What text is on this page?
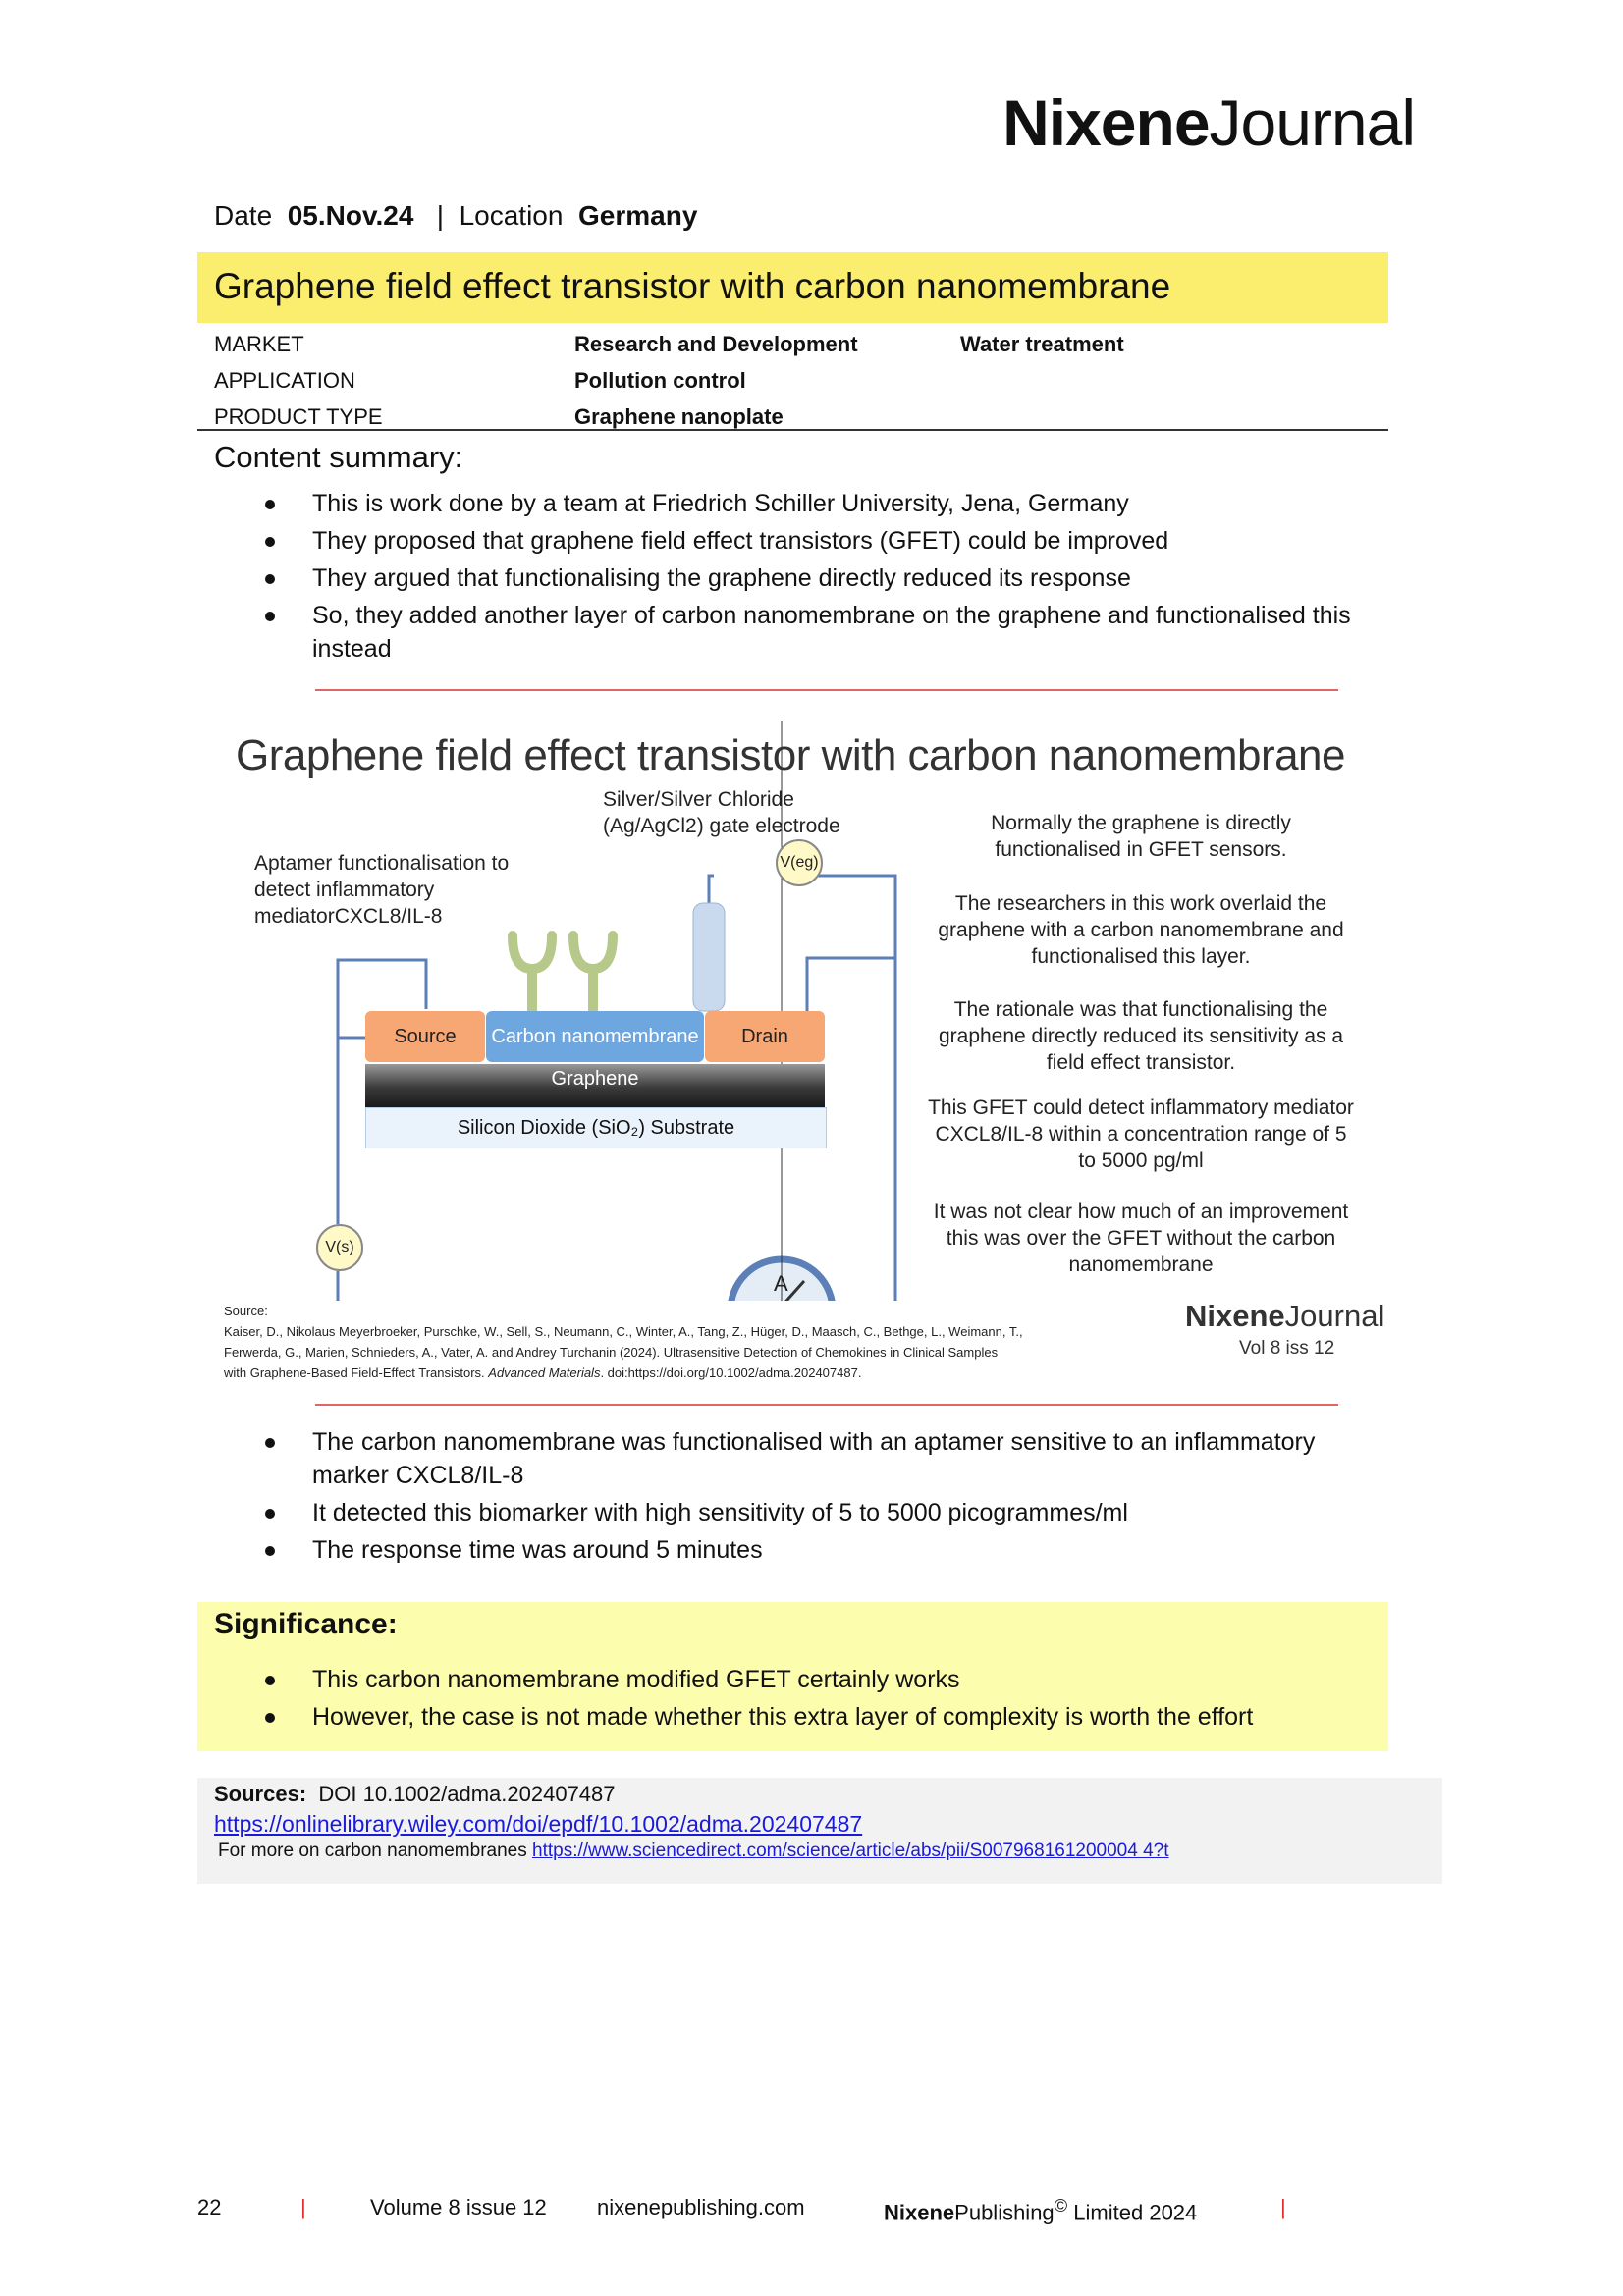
NixeneJournal
Date 05.Nov.24 | Location Germany
Graphene field effect transistor with carbon nanomembrane
MARKET	Research and Development	Water treatment
APPLICATION	Pollution control
PRODUCT TYPE	Graphene nanoplate
Content summary:
This is work done by a team at Friedrich Schiller University, Jena, Germany
They proposed that graphene field effect transistors (GFET) could be improved
They argued that functionalising the graphene directly reduced its response
So, they added another layer of carbon nanomembrane on the graphene and functionalised this instead
Graphene field effect transistor with carbon nanomembrane
Silver/Silver Chloride
(Ag/AgCl2) gate electrode
Aptamer functionalisation to
detect inflammatory
mediatorCXCL8/IL-8
V(eg)
V(s)
A
Source	Carbon nanomembrane	Drain
Graphene
Silicon Dioxide (SiO₂) Substrate
Normally the graphene is directly functionalised in GFET sensors.
The researchers in this work overlaid the graphene with a carbon nanomembrane and functionalised this layer.
The rationale was that functionalising the graphene directly reduced its sensitivity as a field effect transistor.
This GFET could detect inflammatory mediator CXCL8/IL-8 within a concentration range of 5 to 5000 pg/ml
It was not clear how much of an improvement this was over the GFET without the carbon nanomembrane
Source:
Kaiser, D., Nikolaus Meyerbroeker, Purschke, W., Sell, S., Neumann, C., Winter, A., Tang, Z., Hüger, D., Maasch, C., Bethge, L., Weimann, T.,
Ferwerda, G., Marien, Schnieders, A., Vater, A. and Andrey Turchanin (2024). Ultrasensitive Detection of Chemokines in Clinical Samples
with Graphene-Based Field-Effect Transistors. Advanced Materials. doi:https://doi.org/10.1002/adma.202407487.
NixeneJournal
Vol 8 iss 12
The carbon nanomembrane was functionalised with an aptamer sensitive to an inflammatory marker CXCL8/IL-8
It detected this biomarker with high sensitivity of 5 to 5000 picogrammes/ml
The response time was around 5 minutes
Significance:
This carbon nanomembrane modified GFET certainly works
However, the case is not made whether this extra layer of complexity is worth the effort
Sources: DOI 10.1002/adma.202407487
https://onlinelibrary.wiley.com/doi/epdf/10.1002/adma.202407487
For more on carbon nanomembranes https://www.sciencedirect.com/science/article/abs/pii/S007968161200004 4?t
22	|	Volume 8 issue 12 nixenepublishing.com	NixenePublishing© Limited 2024	|
